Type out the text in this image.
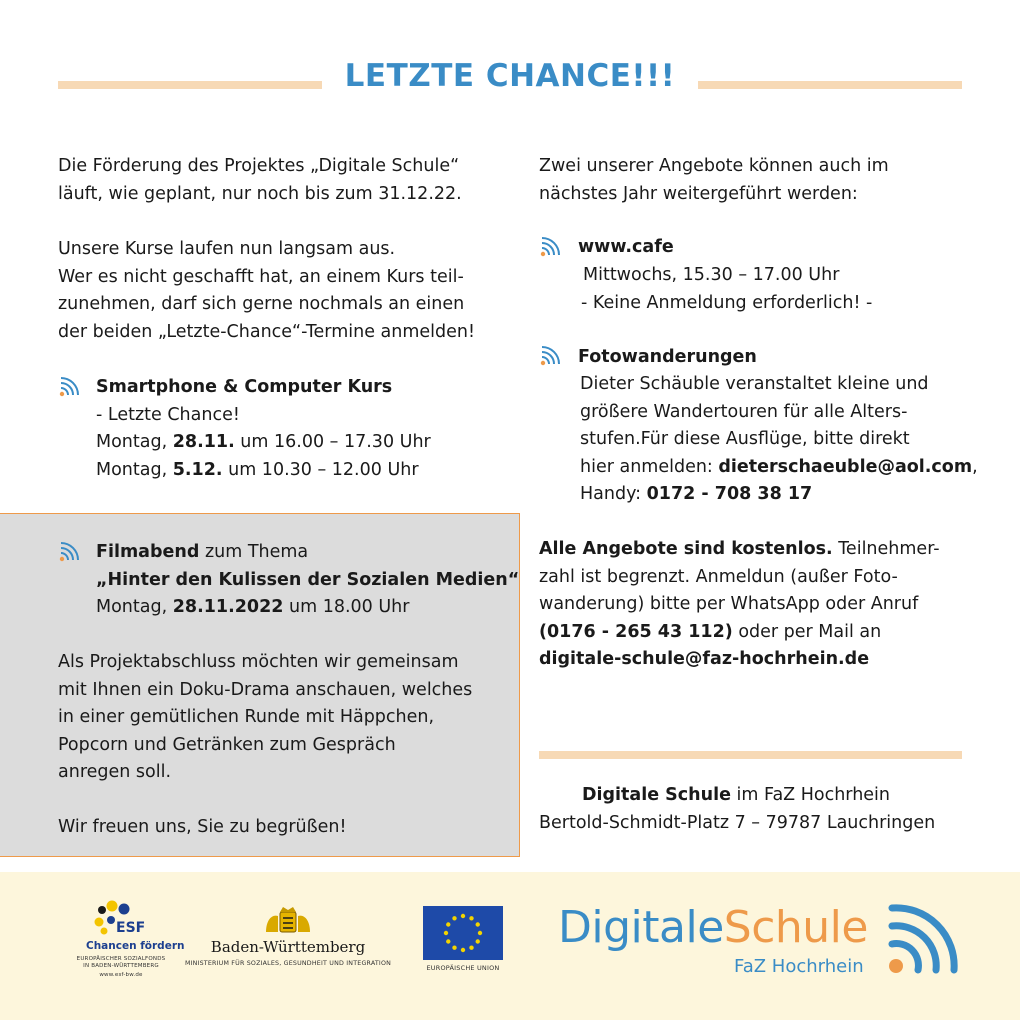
LETZTE CHANCE!!!
Die Förderung des Projektes „Digitale Schule“
läuft, wie geplant, nur noch bis zum 31.12.22.
Unsere Kurse laufen nun langsam aus.
Wer es nicht geschafft hat, an einem Kurs teil-
zunehmen, darf sich gerne nochmals an einen
der beiden „Letzte-Chance“-Termine anmelden!
Smartphone & Computer Kurs
- Letzte Chance!
Montag, 28.11. um 16.00 – 17.30 Uhr
Montag, 5.12. um 10.30 – 12.00 Uhr
Filmabend zum Thema
„Hinter den Kulissen der Sozialen Medien“
Montag, 28.11.2022 um 18.00 Uhr
Als Projektabschluss möchten wir gemeinsam
mit Ihnen ein Doku-Drama anschauen, welches
in einer gemütlichen Runde mit Häppchen,
Popcorn und Getränken zum Gespräch
anregen soll.
Wir freuen uns, Sie zu begrüßen!
Zwei unserer Angebote können auch im
nächstes Jahr weitergeführt werden:
www.cafe
Mittwochs, 15.30 – 17.00 Uhr
- Keine Anmeldung erforderlich! -
Fotowanderungen
Dieter Schäuble veranstaltet kleine und
größere Wandertouren für alle Alters-
stufen.Für diese Ausflüge, bitte direkt
hier anmelden: dieterschaeuble@aol.com,
Handy: 0172 - 708 38 17
Alle Angebote sind kostenlos. Teilnehmer-
zahl ist begrenzt. Anmeldun (außer Foto-
wanderung) bitte per WhatsApp oder Anruf
(0176 - 265 43 112) oder per Mail an
digitale-schule@faz-hochrhein.de
Digitale Schule im FaZ Hochrhein
Bertold-Schmidt-Platz 7 – 79787 Lauchringen
ESF
Chancen fördern
EUROPÄISCHER SOZIALFONDS
IN BADEN-WÜRTTEMBERG
www.esf-bw.de
Baden-Württemberg
MINISTERIUM FÜR SOZIALES, GESUNDHEIT UND INTEGRATION
EUROPÄISCHE UNION
DigitaleSchule
FaZ Hochrhein
